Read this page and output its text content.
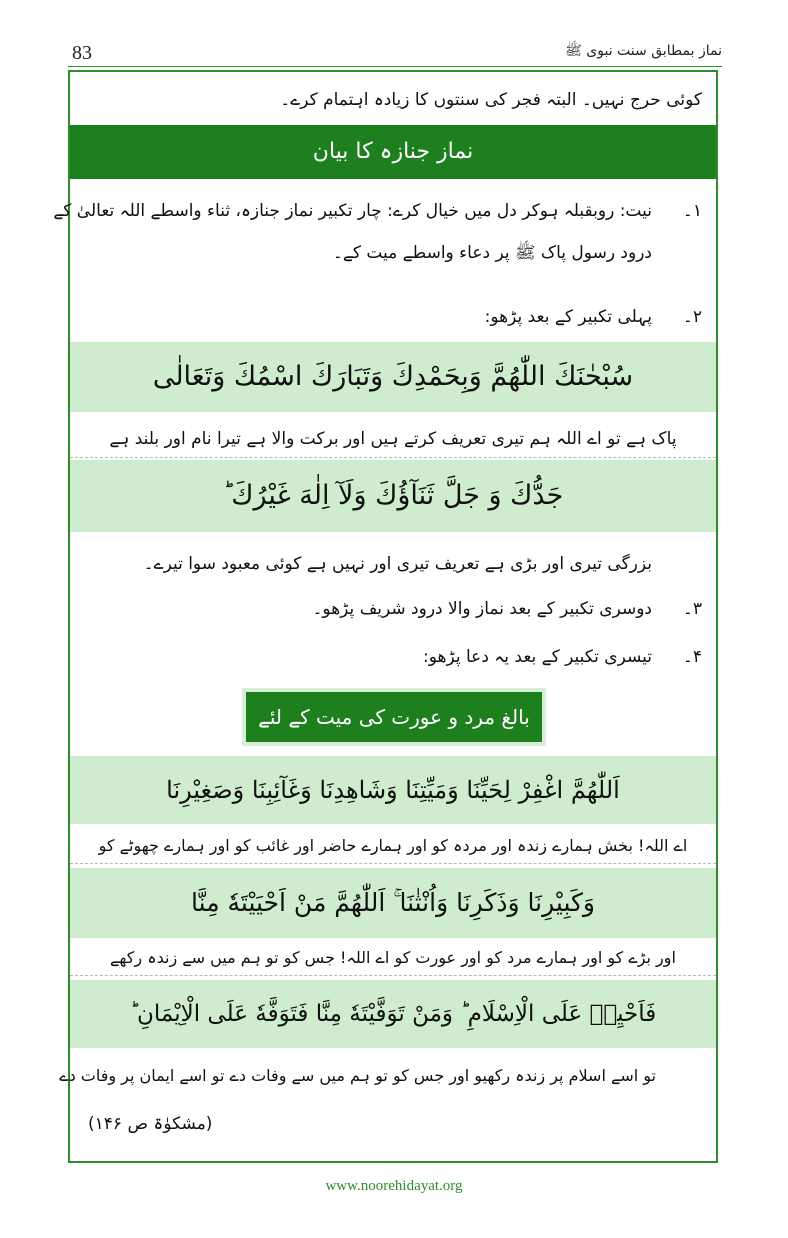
83	نماز بمطابق سنت نبوی ﷺ
کوئی حرج نہیں۔ البتہ فجر کی سنتوں کا زیادہ اہتمام کرے۔
نماز جنازہ کا بیان
۱۔
نیت: روبقبلہ ہوکر دل میں خیال کرے: چار تکبیر نماز جنازہ، ثناء واسطے اللہ تعالیٰ کے
درود رسول پاک ﷺ پر دعاء واسطے میت کے۔
۲۔
پہلی تکبیر کے بعد پڑھو:
سُبْحٰنَكَ اللّٰهُمَّ وَبِحَمْدِكَ وَتَبَارَكَ اسْمُكَ وَتَعَالٰى
پاک ہے تو اے اللہ ہم تیری تعریف کرتے ہیں اور برکت والا ہے تیرا نام اور بلند ہے
جَدُّكَ وَ جَلَّ ثَنَآؤُكَ وَلَآ اِلٰهَ غَيْرُكَ ؕ
بزرگی تیری اور بڑی ہے تعریف تیری اور نہیں ہے کوئی معبود سوا تیرے۔
۳۔
دوسری تکبیر کے بعد نماز والا درود شریف پڑھو۔
۴۔
تیسری تکبیر کے بعد یہ دعا پڑھو:
بالغ مرد و عورت کی میت کے لئے
اَللّٰهُمَّ اغْفِرْ لِحَيِّنَا وَمَيِّتِنَا وَشَاهِدِنَا وَغَآئِبِنَا وَصَغِيْرِنَا
اے اللہ! بخش ہمارے زندہ اور مردہ کو اور ہمارے حاضر اور غائب کو اور ہمارے چھوٹے کو
وَكَبِيْرِنَا وَذَكَرِنَا وَاُنْثٰنَا ۚ اَللّٰهُمَّ مَنْ اَحْيَيْتَهٗ مِنَّا
اور بڑے کو اور ہمارے مرد کو اور عورت کو اے اللہ! جس کو تو ہم میں سے زندہ رکھے
فَاَحْيِهٖ عَلَى الْاِسْلَامِ ؕ وَمَنْ تَوَفَّيْتَهٗ مِنَّا فَتَوَفَّهٗ عَلَى الْاِيْمَانِ ؕ
تو اسے اسلام پر زندہ رکھیو اور جس کو تو ہم میں سے وفات دے تو اسے ایمان پر وفات دے
(مشکوٰۃ ص ۱۴۶)
www.noorehidayat.org
